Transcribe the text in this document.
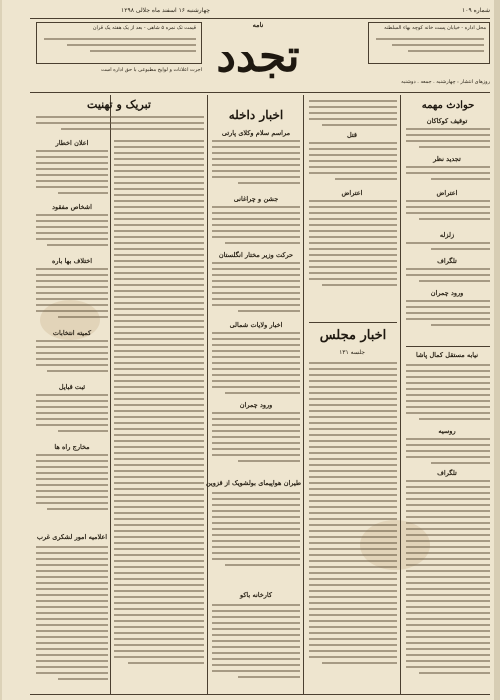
چهارشنبه ۱۶ اسفند ماه جلالی ۱۲۹۸	شماره ۱۰۹
قیمت تک نمره ۵ شاهی - بعد از یک هفته یک قران
اجرت اعلانات و لوایح مطبوعی با حق اداره است
نامه
تجدد
محل اداره - خیابان پست خانه کوچه بهاء السلطنه
روزهای انتشار : چهارشنبه . جمعه . دوشنبه
حوادث مهمه
توقیف کوکاکان
تجدید نظر
اعتراض
زلزله
تلگراف
ورود چمران
نیابه مستقل کمال پاشا
روسیه
تلگراف
قتل
اعتراض
اخبار مجلس
جلسه ۱۳۱
اخبار داخله
مراسم سلام وکلای پارتی
جشن و چراغانی
حرکت وزیر مختار انگلستان
اخبار ولایات شمالی
ورود چمران
طیران هواپیمای بولشویک از قزوین
کارخانه باکو
تبریک و تهنیت
اعلان اخطار
اشخاص مفقود
اختلاف بها باره
کمیته انتخابات
ثبت قبایل
مخارج راه ها
اعلامیه امور لشکری غرب
